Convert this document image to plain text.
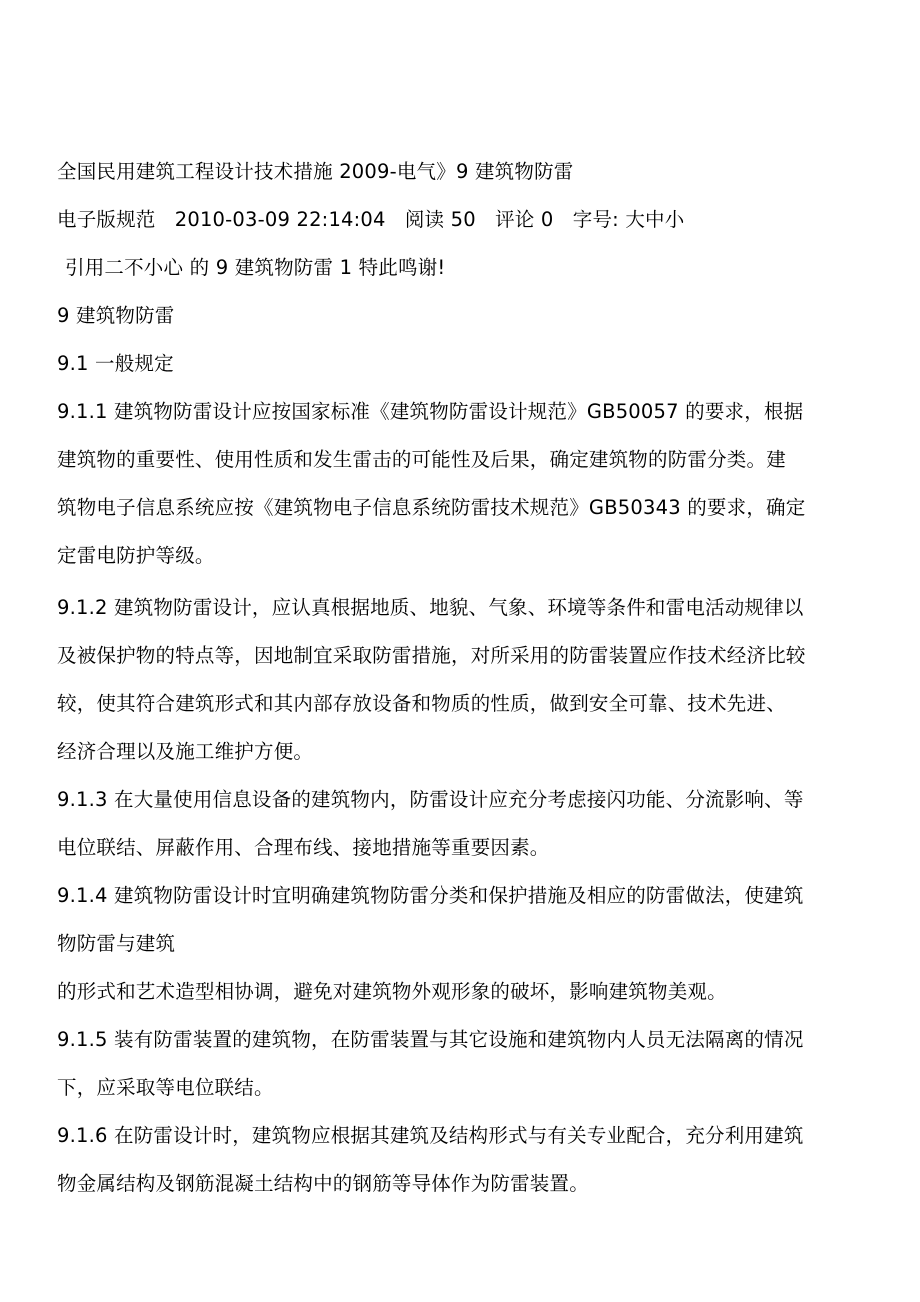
全国民用建筑工程设计技术措施 2009-电气》9 建筑物防雷
电子版规范 2010-03-09 22:14:04 阅读 50 评论 0 字号: 大中小
引用二不小心 的 9 建筑物防雷 1 特此鸣谢!
9 建筑物防雷
9.1 一般规定
9.1.1 建筑物防雷设计应按国家标准《建筑物防雷设计规范》GB50057 的要求，根据
建筑物的重要性、使用性质和发生雷击的可能性及后果，确定建筑物的防雷分类。建
筑物电子信息系统应按《建筑物电子信息系统防雷技术规范》GB50343 的要求，确定
定雷电防护等级。
9.1.2 建筑物防雷设计，应认真根据地质、地貌、气象、环境等条件和雷电活动规律以
及被保护物的特点等，因地制宜采取防雷措施，对所采用的防雷装置应作技术经济比较
较，使其符合建筑形式和其内部存放设备和物质的性质，做到安全可靠、技术先进、
经济合理以及施工维护方便。
9.1.3 在大量使用信息设备的建筑物内，防雷设计应充分考虑接闪功能、分流影响、等
电位联结、屏蔽作用、合理布线、接地措施等重要因素。
9.1.4 建筑物防雷设计时宜明确建筑物防雷分类和保护措施及相应的防雷做法，使建筑
物防雷与建筑
的形式和艺术造型相协调，避免对建筑物外观形象的破坏，影响建筑物美观。
9.1.5 装有防雷装置的建筑物，在防雷装置与其它设施和建筑物内人员无法隔离的情况
下，应采取等电位联结。
9.1.6 在防雷设计时，建筑物应根据其建筑及结构形式与有关专业配合，充分利用建筑
物金属结构及钢筋混凝土结构中的钢筋等导体作为防雷装置。
